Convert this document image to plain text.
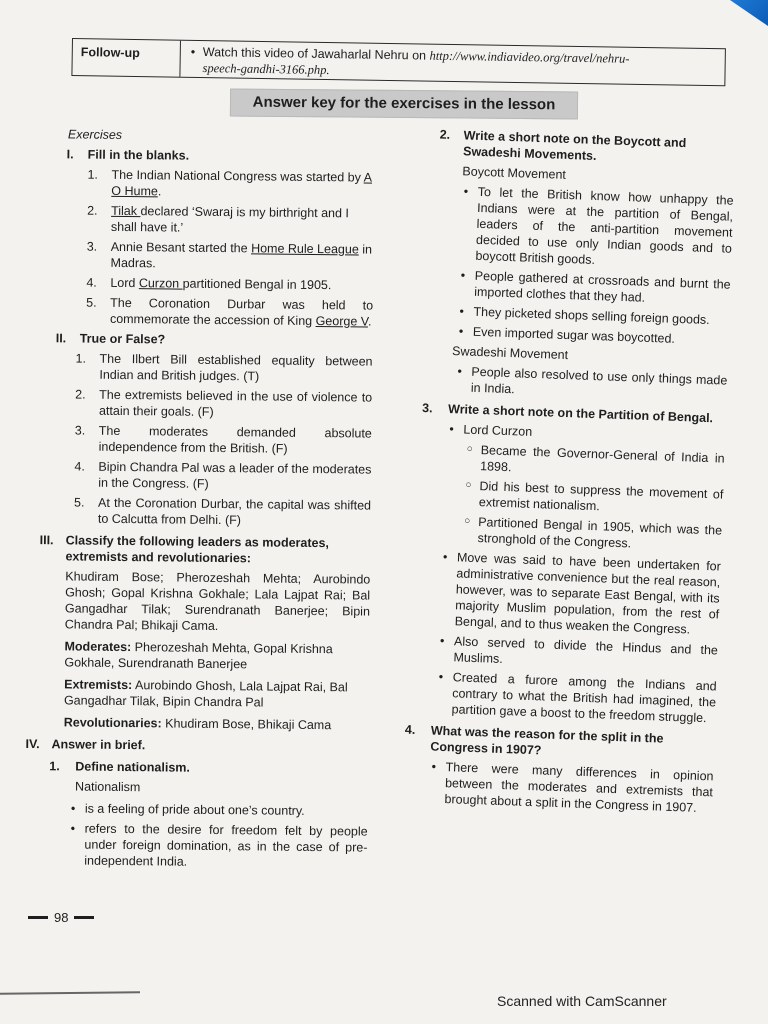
Follow-up	• Watch this video of Jawaharlal Nehru on http://www.indiavideo.org/travel/nehru-
speech-gandhi-3166.php.
Answer key for the exercises in the lesson
Exercises
I. Fill in the blanks.
1. The Indian National Congress was started by A O Hume.
2. Tilak declared ‘Swaraj is my birthright and I shall have it.’
3. Annie Besant started the Home Rule League in Madras.
4. Lord Curzon partitioned Bengal in 1905.
5. The Coronation Durbar was held to commemorate the accession of King George V.
II. True or False?
1. The Ilbert Bill established equality between Indian and British judges. (T)
2. The extremists believed in the use of violence to attain their goals. (F)
3. The moderates demanded absolute independence from the British. (F)
4. Bipin Chandra Pal was a leader of the moderates in the Congress. (F)
5. At the Coronation Durbar, the capital was shifted to Calcutta from Delhi. (F)
III. Classify the following leaders as moderates, extremists and revolutionaries:
Khudiram Bose; Pherozeshah Mehta; Aurobindo Ghosh; Gopal Krishna Gokhale; Lala Lajpat Rai; Bal Gangadhar Tilak; Surendranath Banerjee; Bipin Chandra Pal; Bhikaji Cama.
Moderates: Pherozeshah Mehta, Gopal Krishna Gokhale, Surendranath Banerjee
Extremists: Aurobindo Ghosh, Lala Lajpat Rai, Bal Gangadhar Tilak, Bipin Chandra Pal
Revolutionaries: Khudiram Bose, Bhikaji Cama
IV. Answer in brief.
1. Define nationalism.
Nationalism
• is a feeling of pride about one’s country.
• refers to the desire for freedom felt by people under foreign domination, as in the case of pre-independent India.
2. Write a short note on the Boycott and Swadeshi Movements.
Boycott Movement
• To let the British know how unhappy the Indians were at the partition of Bengal, leaders of the anti-partition movement decided to use only Indian goods and to boycott British goods.
• People gathered at crossroads and burnt the imported clothes that they had.
• They picketed shops selling foreign goods.
• Even imported sugar was boycotted.
Swadeshi Movement
• People also resolved to use only things made in India.
3. Write a short note on the Partition of Bengal.
• Lord Curzon
○ Became the Governor-General of India in 1898.
○ Did his best to suppress the movement of extremist nationalism.
○ Partitioned Bengal in 1905, which was the stronghold of the Congress.
• Move was said to have been undertaken for administrative convenience but the real reason, however, was to separate East Bengal, with its majority Muslim population, from the rest of Bengal, and to thus weaken the Congress.
• Also served to divide the Hindus and the Muslims.
• Created a furore among the Indians and contrary to what the British had imagined, the partition gave a boost to the freedom struggle.
4. What was the reason for the split in the Congress in 1907?
• There were many differences in opinion between the moderates and extremists that brought about a split in the Congress in 1907.
98
Scanned with CamScanner
